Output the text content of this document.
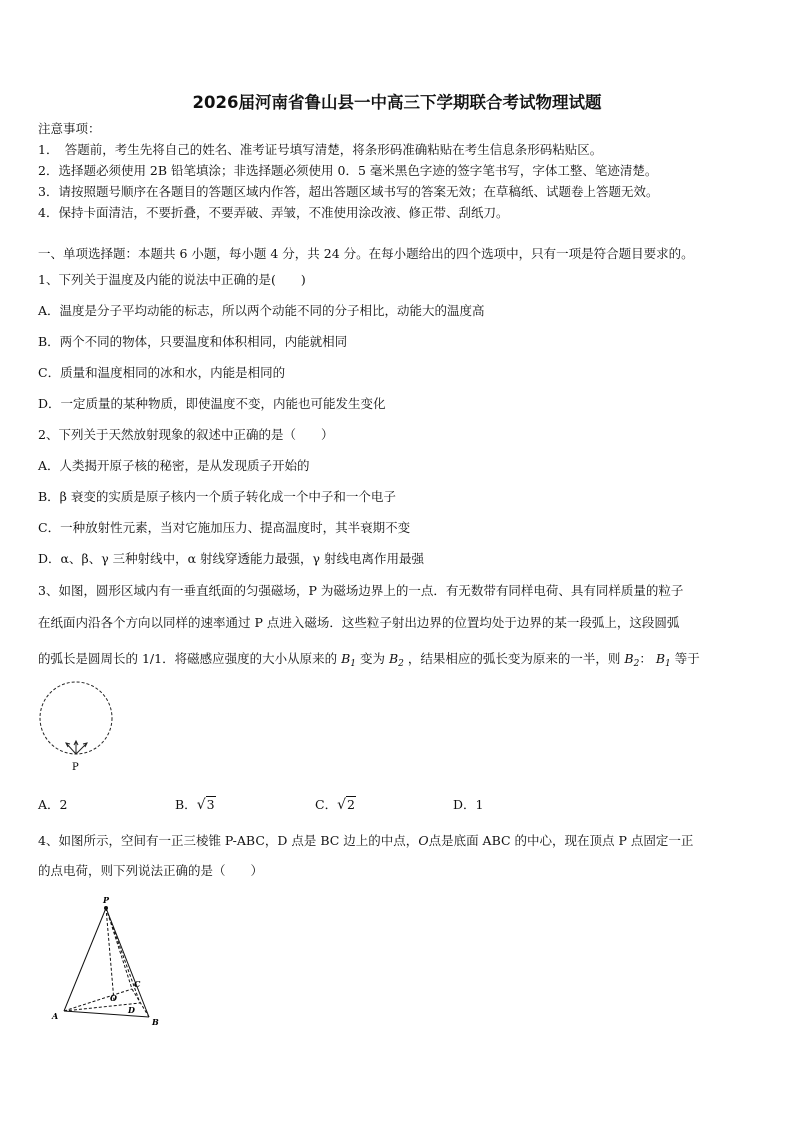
2026届河南省鲁山县一中高三下学期联合考试物理试题
注意事项：
1．　答题前，考生先将自己的姓名、准考证号填写清楚，将条形码准确粘贴在考生信息条形码粘贴区。
2．选择题必须使用 2B 铅笔填涂；非选择题必须使用 0．5 毫米黑色字迹的签字笔书写，字体工整、笔迹清楚。
3．请按照题号顺序在各题目的答题区域内作答，超出答题区域书写的答案无效；在草稿纸、试题卷上答题无效。
4．保持卡面清洁，不要折叠，不要弄破、弄皱，不准使用涂改液、修正带、刮纸刀。
一、单项选择题：本题共 6 小题，每小题 4 分，共 24 分。在每小题给出的四个选项中，只有一项是符合题目要求的。
1、下列关于温度及内能的说法中正确的是(　　)
A．温度是分子平均动能的标志，所以两个动能不同的分子相比，动能大的温度高
B．两个不同的物体，只要温度和体积相同，内能就相同
C．质量和温度相同的冰和水，内能是相同的
D．一定质量的某种物质，即使温度不变，内能也可能发生变化
2、下列关于天然放射现象的叙述中正确的是（　　）
A．人类揭开原子核的秘密，是从发现质子开始的
B．β 衰变的实质是原子核内一个质子转化成一个中子和一个电子
C．一种放射性元素，当对它施加压力、提高温度时，其半衰期不变
D．α、β、γ 三种射线中，α 射线穿透能力最强，γ 射线电离作用最强
3、如图，圆形区域内有一垂直纸面的匀强磁场，P 为磁场边界上的一点．有无数带有同样电荷、具有同样质量的粒子
在纸面内沿各个方向以同样的速率通过 P 点进入磁场．这些粒子射出边界的位置均处于边界的某一段弧上，这段圆弧
的弧长是圆周长的 1/1．将磁感应强度的大小从原来的 $B_1$ 变为 $B_2$ ，结果相应的弧长变为原来的一半，则 $B_2$： $B_1$ 等于
P
A．2	B．√3	C．√2	D．1
4、如图所示，空间有一正三棱锥 P-ABC，D 点是 BC 边上的中点，O点是底面 ABC 的中心，现在顶点 P 点固定一正
的点电荷，则下列说法正确的是（　　）
P
A
B
C
D
O
